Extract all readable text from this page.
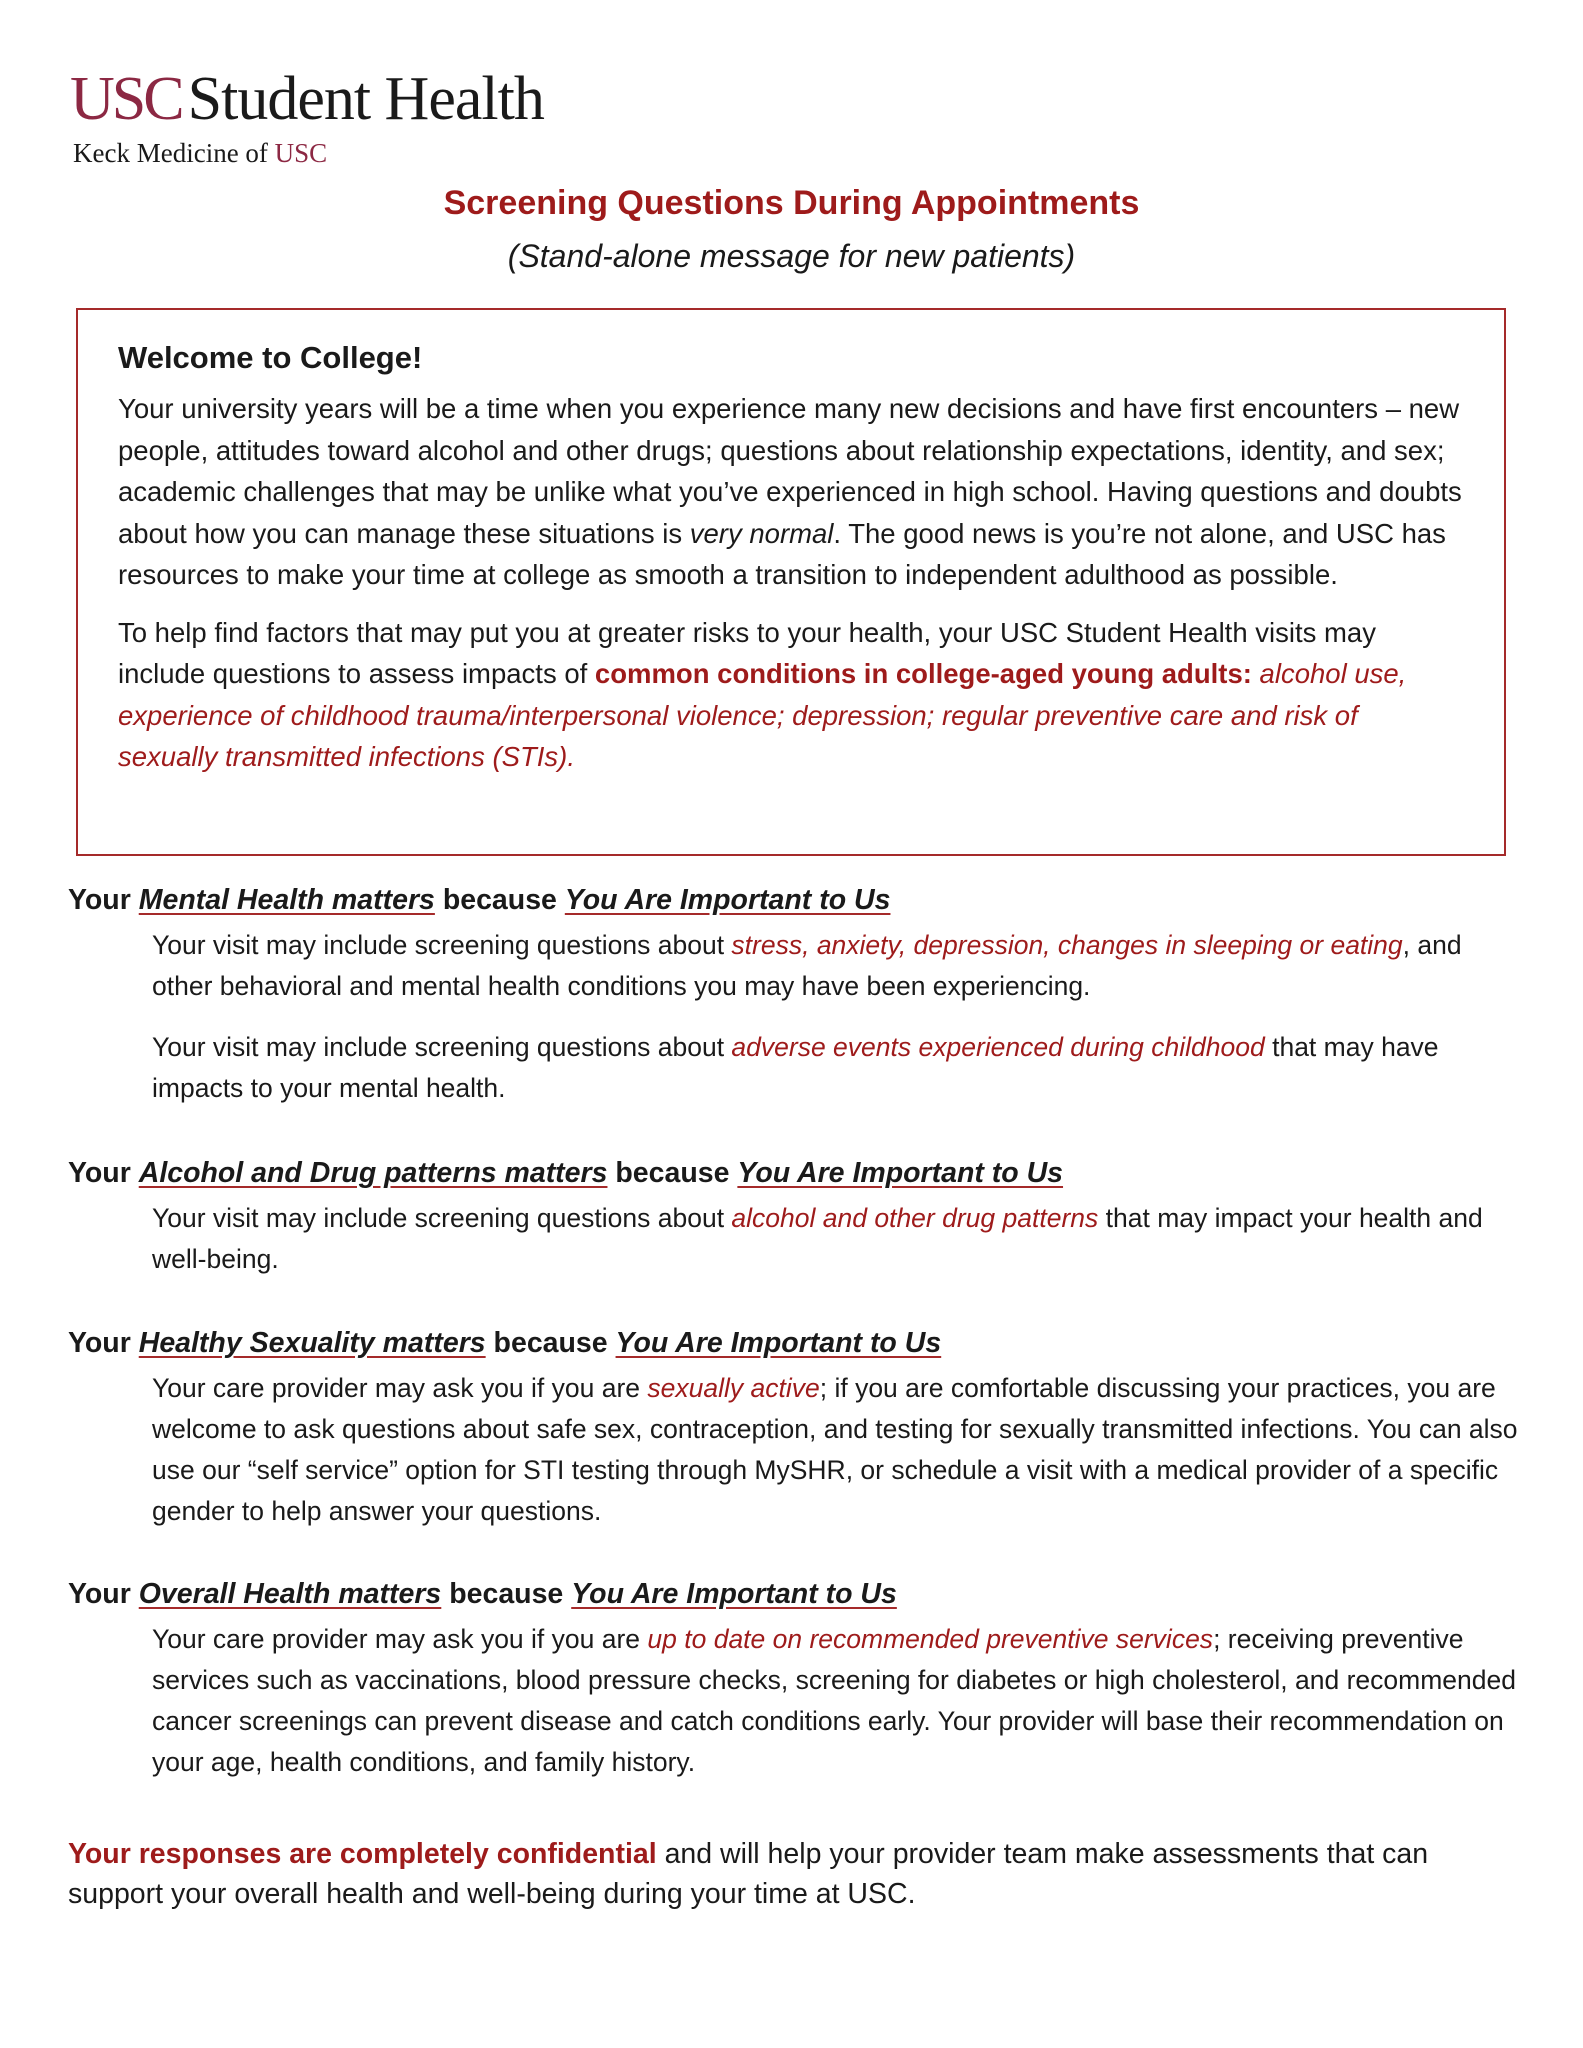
USCStudent Health
Keck Medicine of USC
Screening Questions During Appointments
(Stand-alone message for new patients)
Welcome to College!

Your university years will be a time when you experience many new decisions and have first encounters – new people, attitudes toward alcohol and other drugs; questions about relationship expectations, identity, and sex; academic challenges that may be unlike what you’ve experienced in high school. Having questions and doubts about how you can manage these situations is very normal. The good news is you’re not alone, and USC has resources to make your time at college as smooth a transition to independent adulthood as possible.

To help find factors that may put you at greater risks to your health, your USC Student Health visits may include questions to assess impacts of common conditions in college-aged young adults: alcohol use, experience of childhood trauma/interpersonal violence; depression; regular preventive care and risk of sexually transmitted infections (STIs).

Your Mental Health matters because You Are Important to Us

Your visit may include screening questions about stress, anxiety, depression, changes in sleeping or eating, and other behavioral and mental health conditions you may have been experiencing.

Your visit may include screening questions about adverse events experienced during childhood that may have impacts to your mental health.

Your Alcohol and Drug patterns matters because You Are Important to Us

Your visit may include screening questions about alcohol and other drug patterns that may impact your health and well-being.

Your Healthy Sexuality matters because You Are Important to Us

Your care provider may ask you if you are sexually active; if you are comfortable discussing your practices, you are welcome to ask questions about safe sex, contraception, and testing for sexually transmitted infections. You can also use our “self service” option for STI testing through MySHR, or schedule a visit with a medical provider of a specific gender to help answer your questions.

Your Overall Health matters because You Are Important to Us

Your care provider may ask you if you are up to date on recommended preventive services; receiving preventive services such as vaccinations, blood pressure checks, screening for diabetes or high cholesterol, and recommended cancer screenings can prevent disease and catch conditions early. Your provider will base their recommendation on your age, health conditions, and family history.

Your responses are completely confidential and will help your provider team make assessments that can support your overall health and well-being during your time at USC.
